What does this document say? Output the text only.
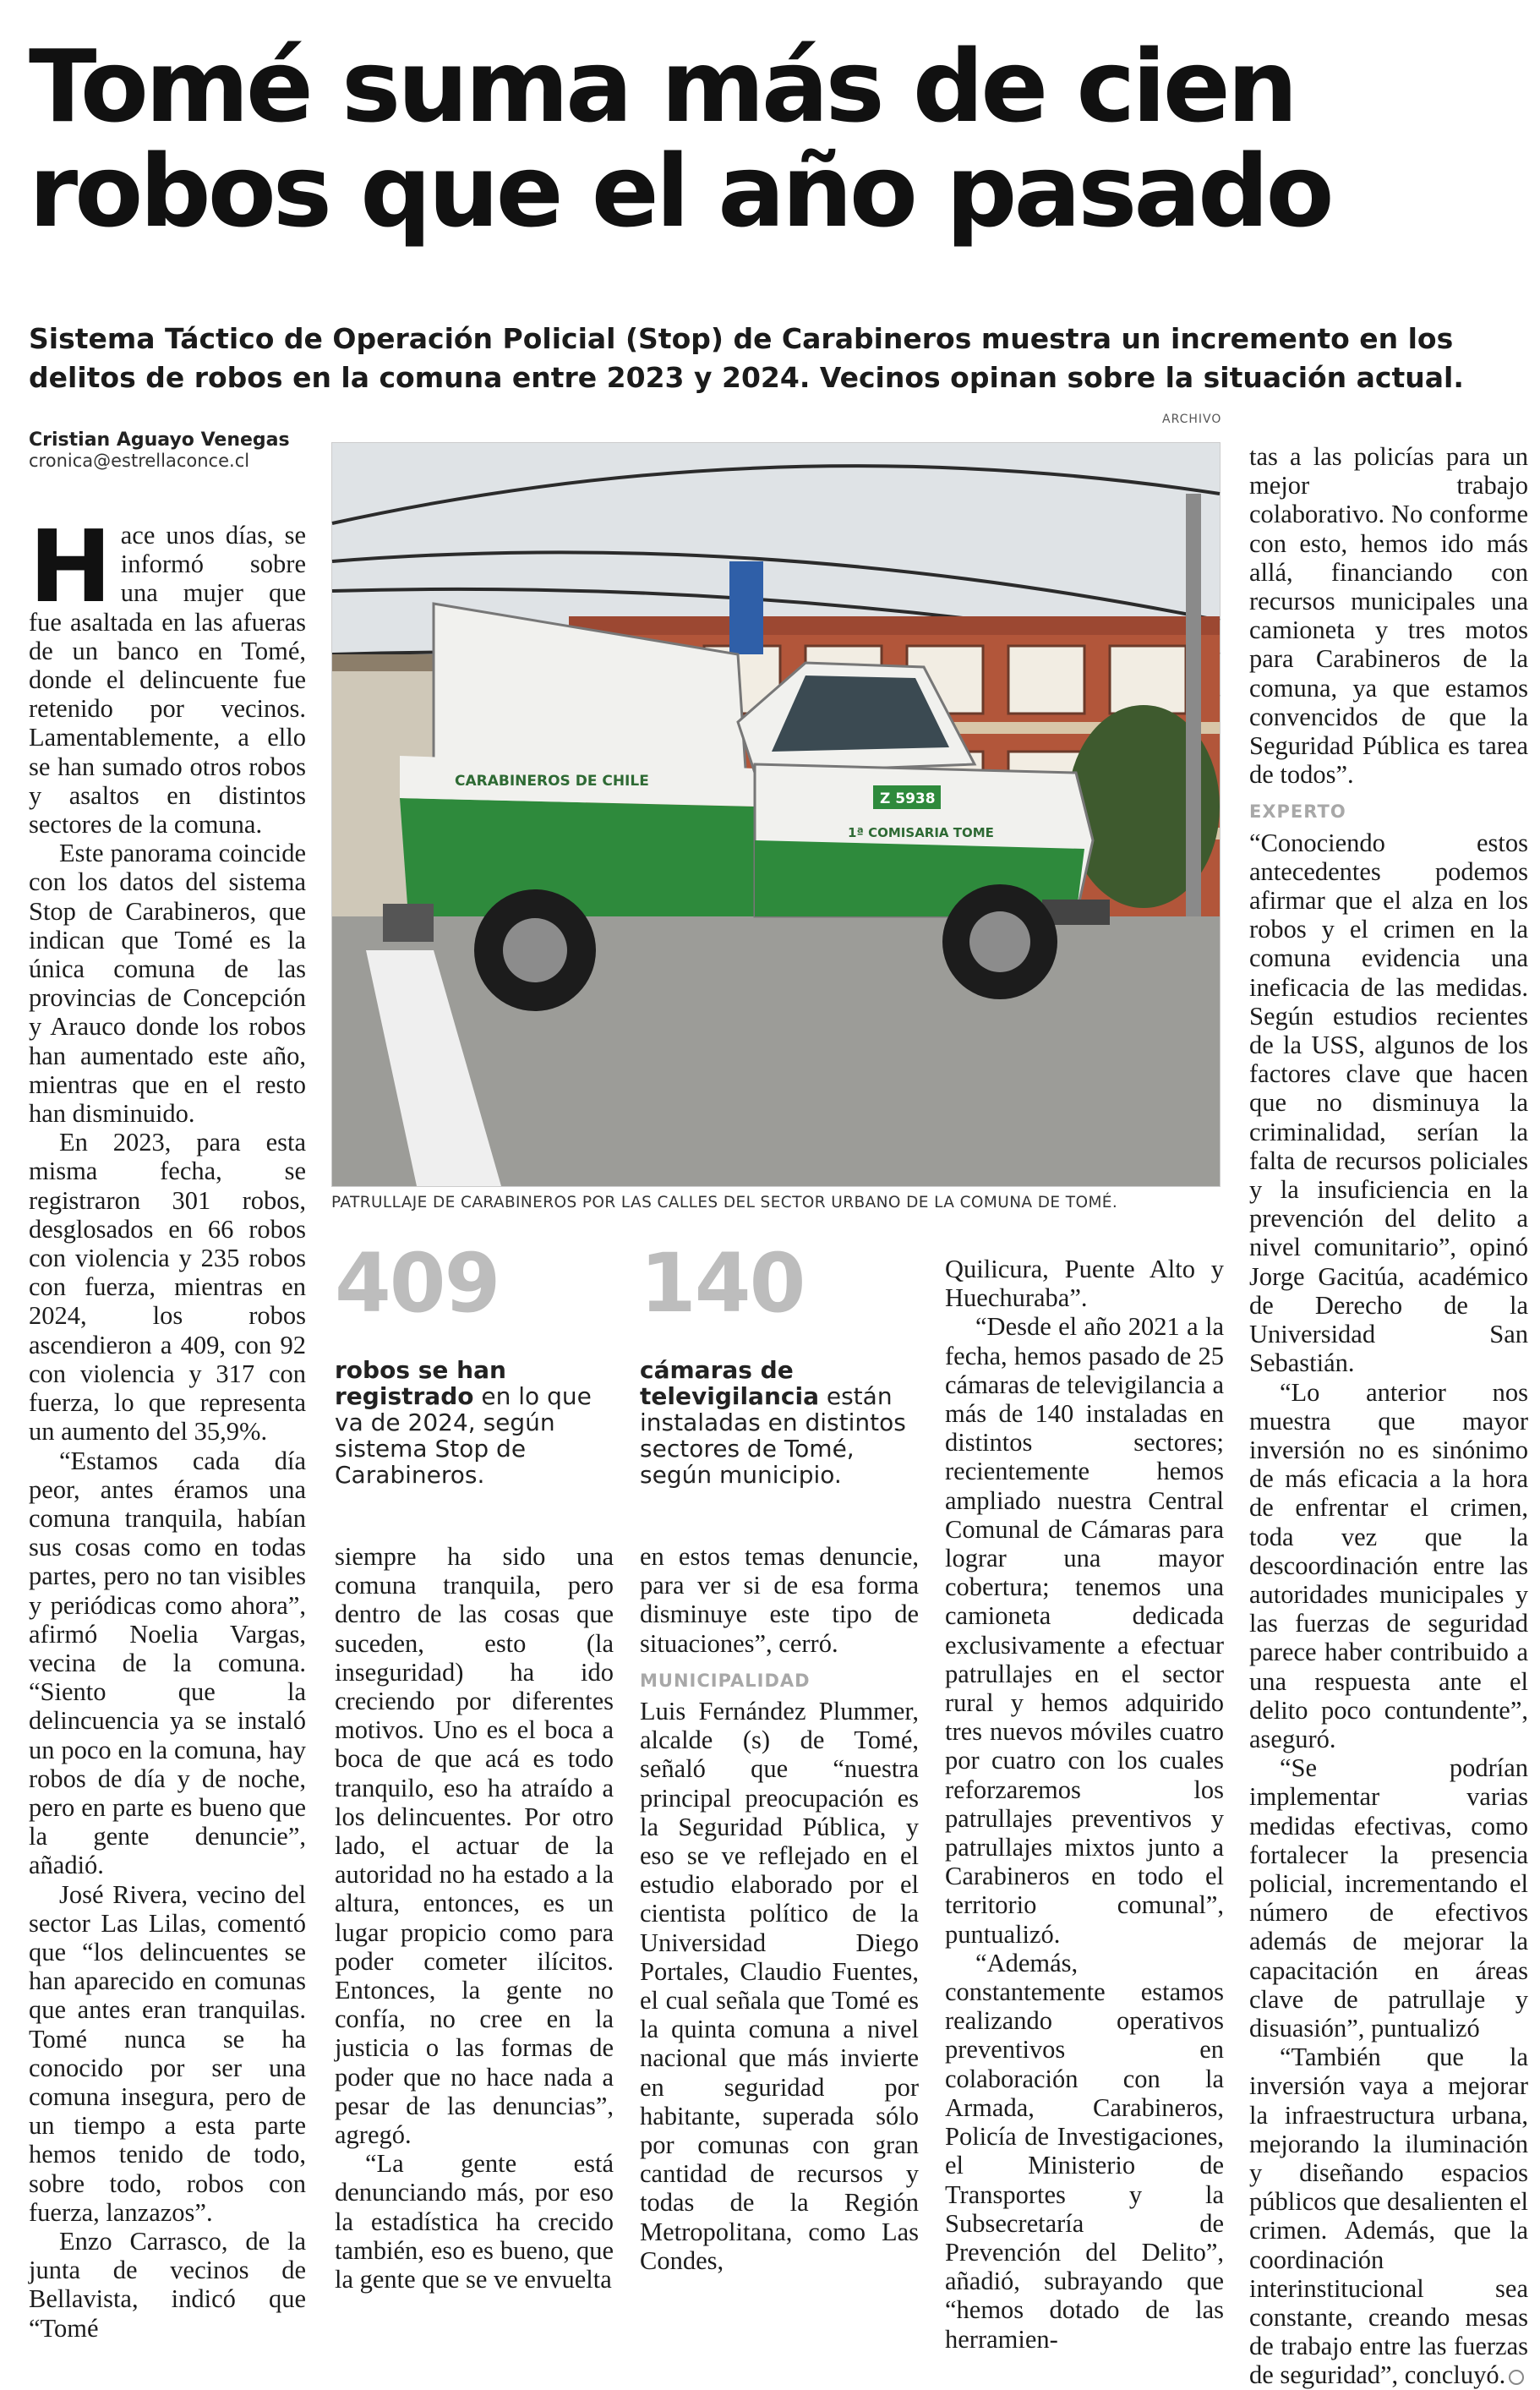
Tomé suma más de cien
robos que el año pasado
Sistema Táctico de Operación Policial (Stop) de Carabineros muestra un incremento en los
delitos de robos en la comuna entre 2023 y 2024. Vecinos opinan sobre la situación actual.
Cristian Aguayo Venegas
cronica@estrellaconce.cl
ARCHIVO
CARABINEROS DE CHILE
Z 5938
1ª COMISARIA TOME
PATRULLAJE DE CARABINEROS POR LAS CALLES DEL SECTOR URBANO DE LA COMUNA DE TOMÉ.

Hace unos días, se informó sobre una mujer que fue asaltada en las afueras de un banco en Tomé, donde el delincuente fue retenido por vecinos. Lamentablemente, a ello se han sumado otros robos y asaltos en distintos sectores de la comuna.

Este panorama coincide con los datos del sistema Stop de Carabineros, que indican que Tomé es la única comuna de las provincias de Concepción y Arauco donde los robos han aumentado este año, mientras que en el resto han disminuido.

En 2023, para esta misma fecha, se registraron 301 robos, desglosados en 66 robos con violencia y 235 robos con fuerza, mientras en 2024, los robos ascendieron a 409, con 92 con violencia y 317 con fuerza, lo que representa un aumento del 35,9%.

“Estamos cada día peor, antes éramos una comuna tranquila, habían sus cosas como en todas partes, pero no tan visibles y periódicas como ahora”, afirmó Noelia Vargas, vecina de la comuna. “Siento que la delincuencia ya se instaló un poco en la comuna, hay robos de día y de noche, pero en parte es bueno que la gente denuncie”, añadió.

José Rivera, vecino del sector Las Lilas, comentó que “los delincuentes se han aparecido en comunas que antes eran tranquilas. Tomé nunca se ha conocido por ser una comuna insegura, pero de un tiempo a esta parte hemos tenido de todo, sobre todo, robos con fuerza, lanzazos”.

Enzo Carrasco, de la junta de vecinos de Bellavista, indicó que “Tomé

409
robos se han registrado en lo que va de 2024, según sistema Stop de Carabineros.
140
cámaras de televigilancia están instaladas en distintos sectores de Tomé, según municipio.

siempre ha sido una comuna tranquila, pero dentro de las cosas que suceden, esto (la inseguridad) ha ido creciendo por diferentes motivos. Uno es el boca a boca de que acá es todo tranquilo, eso ha atraído a los delincuentes. Por otro lado, el actuar de la autoridad no ha estado a la altura, entonces, es un lugar propicio como para poder cometer ilícitos. Entonces, la gente no confía, no cree en la justicia o las formas de poder que no hace nada a pesar de las denuncias”, agregó.

“La gente está denunciando más, por eso la estadística ha crecido también, eso es bueno, que la gente que se ve envuelta

en estos temas denuncie, para ver si de esa forma disminuye este tipo de situaciones”, cerró.

MUNICIPALIDAD

Luis Fernández Plummer, alcalde (s) de Tomé, señaló que “nuestra principal preocupación es la Seguridad Pública, y eso se ve reflejado en el estudio elaborado por el cientista político de la Universidad Diego Portales, Claudio Fuentes, el cual señala que Tomé es la quinta comuna a nivel nacional que más invierte en seguridad por habitante, superada sólo por comunas con gran cantidad de recursos y todas de la Región Metropolitana, como Las Condes,

Quilicura, Puente Alto y Huechuraba”.

“Desde el año 2021 a la fecha, hemos pasado de 25 cámaras de televigilancia a más de 140 instaladas en distintos sectores; recientemente hemos ampliado nuestra Central Comunal de Cámaras para lograr una mayor cobertura; tenemos una camioneta dedicada exclusivamente a efectuar patrullajes en el sector rural y hemos adquirido tres nuevos móviles cuatro por cuatro con los cuales reforzaremos los patrullajes preventivos y patrullajes mixtos junto a Carabineros en todo el territorio comunal”, puntualizó.

“Además, constantemente estamos realizando operativos preventivos en colaboración con la Armada, Carabineros, Policía de Investigaciones, el Ministerio de Transportes y la Subsecretaría de Prevención del Delito”, añadió, subrayando que “hemos dotado de las herramien-

tas a las policías para un mejor trabajo colaborativo. No conforme con esto, hemos ido más allá, financiando con recursos municipales una camioneta y tres motos para Carabineros de la comuna, ya que estamos convencidos de que la Seguridad Pública es tarea de todos”.

EXPERTO

“Conociendo estos antecedentes podemos afirmar que el alza en los robos y el crimen en la comuna evidencia una ineficacia de las medidas. Según estudios recientes de la USS, algunos de los factores clave que hacen que no disminuya la criminalidad, serían la falta de recursos policiales y la insuficiencia en la prevención del delito a nivel comunitario”, opinó Jorge Gacitúa, académico de Derecho de la Universidad San Sebastián.

“Lo anterior nos muestra que mayor inversión no es sinónimo de más eficacia a la hora de enfrentar el crimen, toda vez que la descoordinación entre las autoridades municipales y las fuerzas de seguridad parece haber contribuido a una respuesta ante el delito poco contundente”, aseguró.

“Se podrían implementar varias medidas efectivas, como fortalecer la presencia policial, incrementando el número de efectivos además de mejorar la capacitación en áreas clave de patrullaje y disuasión”, puntualizó

“También que la inversión vaya a mejorar la infraestructura urbana, mejorando la iluminación y diseñando espacios públicos que desalienten el crimen. Además, que la coordinación interinstitucional sea constante, creando mesas de trabajo entre las fuerzas de seguridad”, concluyó.
